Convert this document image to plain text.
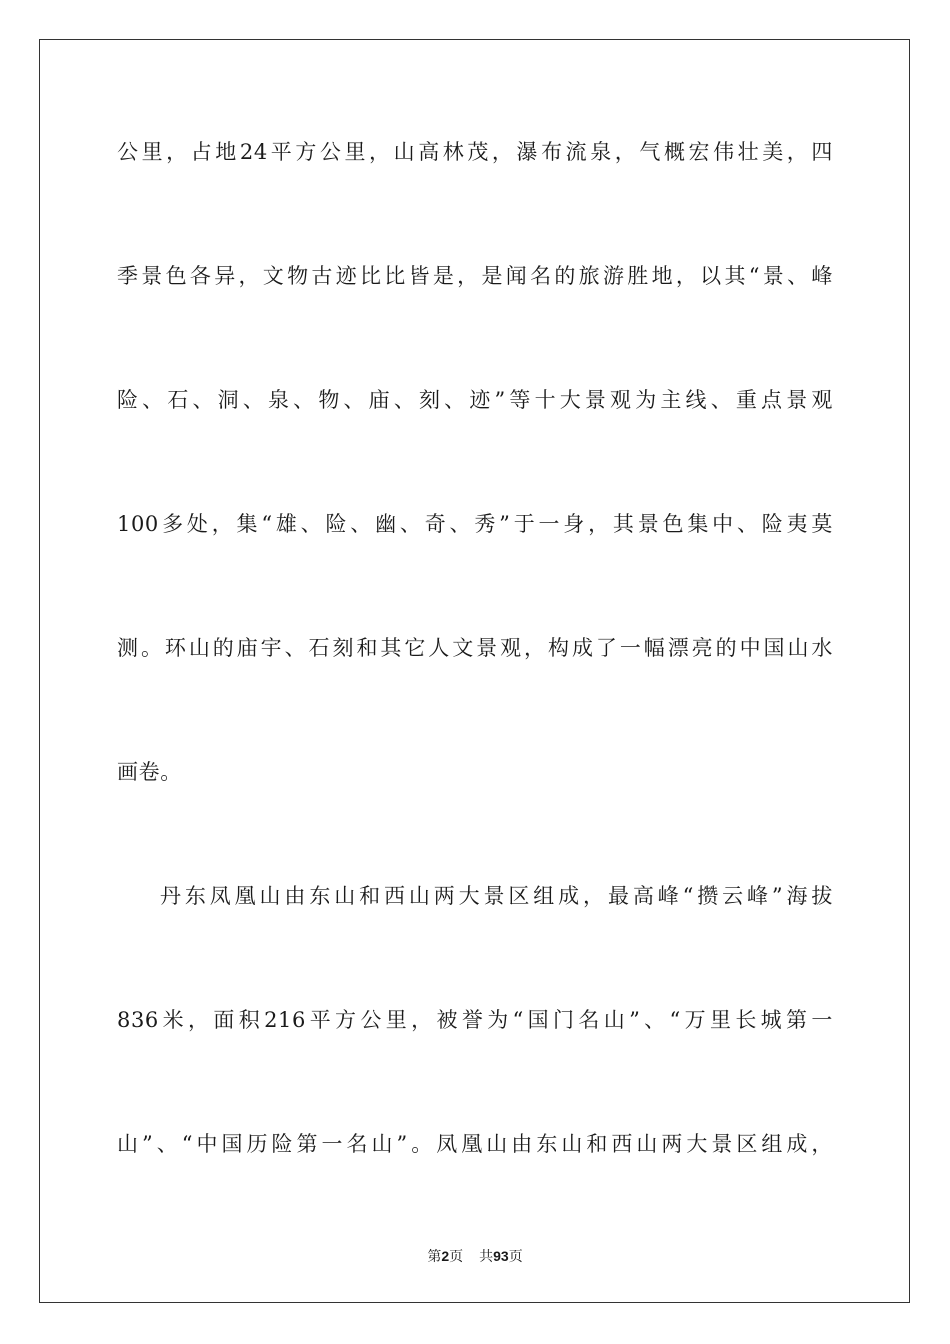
公里，占地24平方公里，山高林茂，瀑布流泉，气概宏伟壮美，四
季景色各异，文物古迹比比皆是，是闻名的旅游胜地，以其“景、峰
险、石、洞、泉、物、庙、刻、迹”等十大景观为主线、重点景观
100多处，集“雄、险、幽、奇、秀”于一身，其景色集中、险夷莫
测。环山的庙宇、石刻和其它人文景观，构成了一幅漂亮的中国山水
画卷。
丹东凤凰山由东山和西山两大景区组成，最高峰“攒云峰”海拔
836米，面积216平方公里，被誉为“国门名山”、“万里长城第一
山”、“中国历险第一名山”。凤凰山由东山和西山两大景区组成，
第2页 共93页
